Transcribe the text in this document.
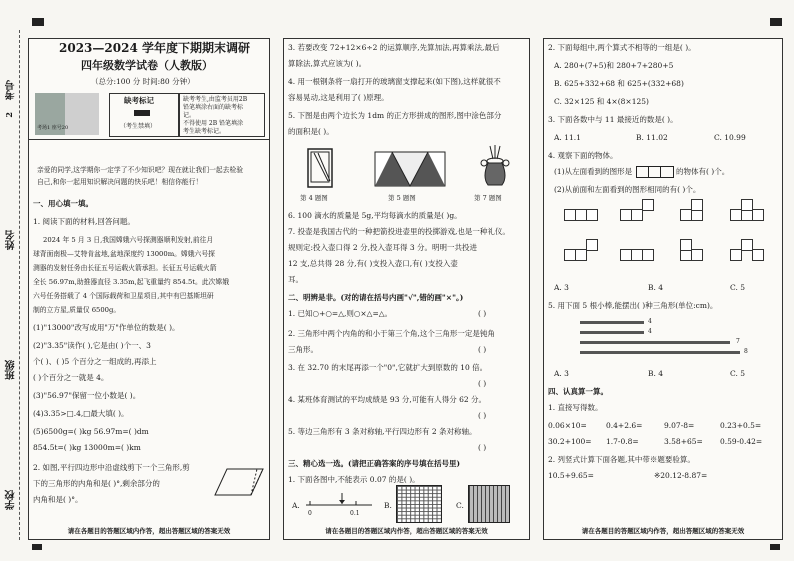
考号
2
姓名
班级
学校
2023—2024 学年度下期期末调研
四年级数学试卷（人教版）
（总分:100 分 时间:80 分钟）
考场1 座号20
缺考标记
（考生禁填）
缺考考生,由监考员用2B
铅笔填涂右面的缺考标
记。
不得使用 2B 铅笔填涂
考生缺考标记。
亲爱的同学,这学期你一定学了不少知识吧？现在就让我们一起去检验
自己,和你一起用知识解决问题的快乐吧！相信你能行！
一、用心填一填。
1. 阅读下面的材料,回答问题。
2024 年 5 月 3 日,我国嫦娥六号探测器顺利发射,前往月
球背面南极—艾特肯盆地,盆地深度约 13000m。嫦娥六号探
测器的发射任务由长征五号运载火箭承担。长征五号运载火箭
全长 56.97m,助推器直径 3.35m,起飞重量约 854.5t。此次嫦娥
六号任务搭载了 4 个国际载荷和卫星项目,其中有巴基斯坦研
制的立方星,质量仅 6500g。
(1)"13000"改写成用"万"作单位的数是( )。
(2)"3.35"读作( ),它是由( )个一、3
个( )、( )5 个百分之一组成的,再添上
( )个百分之一就是 4。
(3)"56.97"保留一位小数是( )。
(4)3.35>□.4,□最大填( )。
(5)6500g=( )kg 56.97m=( )dm
854.5t=( )kg 13000m=( )km
2. 如图,平行四边形中沿虚线剪下一个三角形,剪
下的三角形的内角和是( )°,剩余部分的
内角和是( )°。
请在各题目的答题区域内作答，超出答题区域的答案无效
3. 若要改变 72+12×6÷2 的运算顺序,先算加法,再算乘法,最后
算除法,算式应该为( )。
4. 用一根钢条将一扇打开的玻璃窗支撑起来(如下图),这样就很不
容易晃动,这是利用了( )原理。
5. 下图是由两个边长为 1dm 的正方形拼成的图形,图中涂色部分
的面积是( )。
第 4 题图	第 5 题图	第 7 题图
6. 100 滴水的质量是 5g,平均每滴水的质量是( )g。
7. 投壶是我国古代的一种把箭投进壶里的投掷游戏,也是一种礼仪。
规则定:投入壶口得 2 分,投入壶耳得 3 分。明明一共投进
12 支,总共得 28 分,有( )支投入壶口,有( )支投入壶
耳。
二、明辨是非。(对的请在括号内画"√",错的画"×"。)
1. 已知○+○=△,则○×△=△。	( )
2. 三角形中两个内角的和小于第三个角,这个三角形一定是钝角
三角形。	( )
3. 在 32.70 的末尾再添一个"0",它就扩大到原数的 10 倍。
( )
4. 某班体育测试的平均成绩是 93 分,可能有人得分 62 分。
( )
5. 等边三角形有 3 条对称轴,平行四边形有 2 条对称轴。
( )
三、精心选一选。(请把正确答案的序号填在括号里)
1. 下面各图中,不能表示 0.07 的是( )。
A.
0	0.1
B.	C.
请在各题目的答题区域内作答，超出答题区域的答案无效
2. 下面每组中,两个算式不相等的一组是( )。
A. 280+(7+5)和 280+7+280+5
B. 625+332+68 和 625+(332+68)
C. 32×125 和 4×(8×125)
3. 下面各数中与 11 最接近的数是( )。
A. 11.1	B. 11.02	C. 10.99
4. 观察下面的物体。
(1)从左面看到的图形是	的物体有( )个。
(2)从前面和左面看到的图形相同的有( )个。
A. 3	B. 4	C. 5
5. 用下面 5 根小棒,能摆出( )种三角形(单位:cm)。
4
4
7
8
A. 3	B. 4	C. 5
四、认真算一算。
1. 直接写得数。
0.06×10=	0.4+2.6=	9.07-8=	0.23+0.5=
30.2+100= 1.7-0.8=	3.58+65= 0.59-0.42=
2. 列竖式计算下面各题,其中带※题要验算。
10.5+9.65=	※20.12-8.87=
请在各题目的答题区域内作答，超出答题区域的答案无效
